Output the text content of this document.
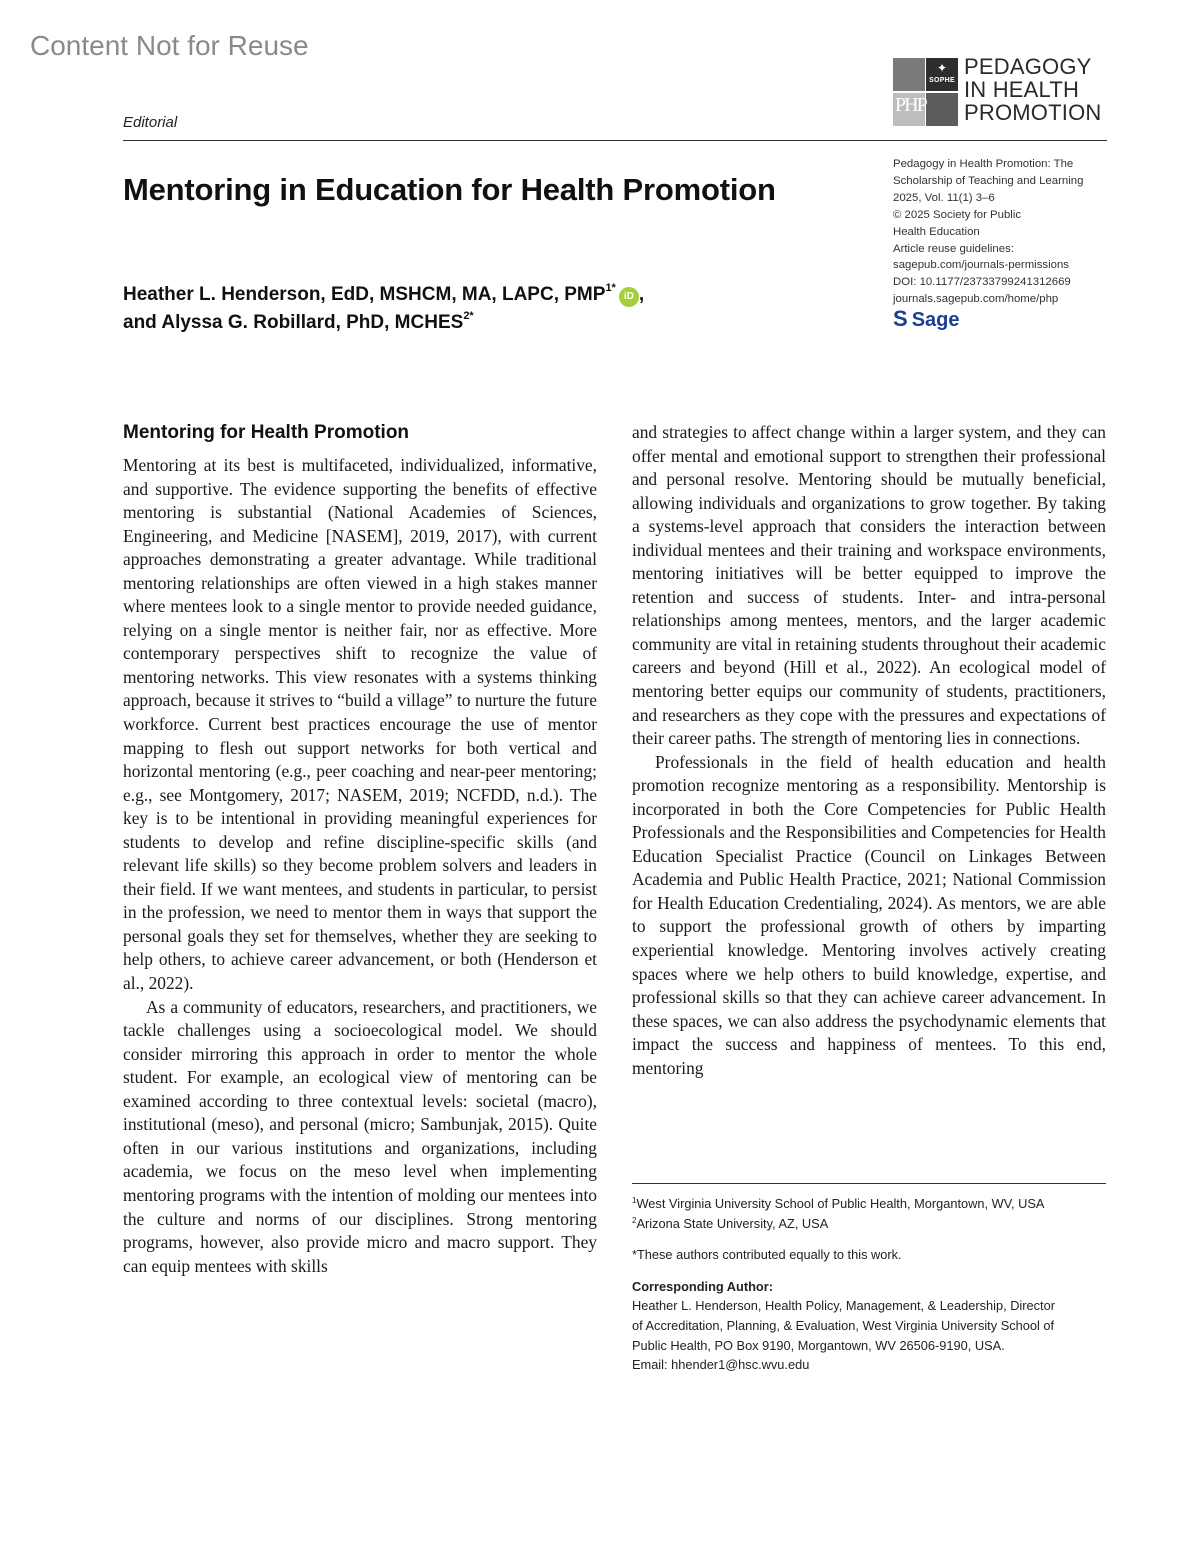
Content Not for Reuse
✦
SOPHE
PHP
PEDAGOGY
IN HEALTH
PROMOTION
Editorial
Mentoring in Education for Health Promotion
Heather L. Henderson, EdD, MSHCM, MA, LAPC, $PMP^{1*}iD$ ,
and Alyssa G. Robillard, PhD, $MCHES^{2*}$
Pedagogy in Health Promotion: The
Scholarship of Teaching and Learning
2025, Vol. 11(1) 3–6
© 2025 Society for Public
Health Education
Article reuse guidelines:
sagepub.com/journals-permissions
DOI: 10.1177/23733799241312669
journals.sagepub.com/home/php
S Sage
Mentoring for Health Promotion

Mentoring at its best is multifaceted, individualized, informative, and supportive. The evidence supporting the benefits of effective mentoring is substantial (National Academies of Sciences, Engineering, and Medicine [NASEM], 2019, 2017), with current approaches demonstrating a greater advantage. While traditional mentoring relationships are often viewed in a high stakes manner where mentees look to a single mentor to provide needed guidance, relying on a single mentor is neither fair, nor as effective. More contemporary perspectives shift to recognize the value of mentoring networks. This view resonates with a systems thinking approach, because it strives to “build a village” to nurture the future workforce. Current best practices encourage the use of mentor mapping to flesh out support networks for both vertical and horizontal mentoring (e.g., peer coaching and near-peer mentoring; e.g., see Montgomery, 2017; NASEM, 2019; NCFDD, n.d.). The key is to be intentional in providing meaningful experiences for students to develop and refine discipline-specific skills (and relevant life skills) so they become problem solvers and leaders in their field. If we want mentees, and students in particular, to persist in the profession, we need to mentor them in ways that support the personal goals they set for themselves, whether they are seeking to help others, to achieve career advancement, or both (Henderson et al., 2022).

As a community of educators, researchers, and practitioners, we tackle challenges using a socioecological model. We should consider mirroring this approach in order to mentor the whole student. For example, an ecological view of mentoring can be examined according to three contextual levels: societal (macro), institutional (meso), and personal (micro; Sambunjak, 2015). Quite often in our various institutions and organizations, including academia, we focus on the meso level when implementing mentoring programs with the intention of molding our mentees into the culture and norms of our disciplines. Strong mentoring programs, however, also provide micro and macro support. They can equip mentees with skills

and strategies to affect change within a larger system, and they can offer mental and emotional support to strengthen their professional and personal resolve. Mentoring should be mutually beneficial, allowing individuals and organizations to grow together. By taking a systems-level approach that considers the interaction between individual mentees and their training and workspace environments, mentoring initiatives will be better equipped to improve the retention and success of students. Inter- and intra-personal relationships among mentees, mentors, and the larger academic community are vital in retaining students throughout their academic careers and beyond (Hill et al., 2022). An ecological model of mentoring better equips our community of students, practitioners, and researchers as they cope with the pressures and expectations of their career paths. The strength of mentoring lies in connections.

Professionals in the field of health education and health promotion recognize mentoring as a responsibility. Mentorship is incorporated in both the Core Competencies for Public Health Professionals and the Responsibilities and Competencies for Health Education Specialist Practice (Council on Linkages Between Academia and Public Health Practice, 2021; National Commission for Health Education Credentialing, 2024). As mentors, we are able to support the professional growth of others by imparting experiential knowledge. Mentoring involves actively creating spaces where we help others to build knowledge, expertise, and professional skills so that they can achieve career advancement. In these spaces, we can also address the psychodynamic elements that impact the success and happiness of mentees. To this end, mentoring

$^1$West Virginia University School of Public Health, Morgantown, WV, USA
$^2$Arizona State University, AZ, USA
*These authors contributed equally to this work.
Corresponding Author:
Heather L. Henderson, Health Policy, Management, & Leadership, Director
of Accreditation, Planning, & Evaluation, West Virginia University School of
Public Health, PO Box 9190, Morgantown, WV 26506-9190, USA.
Email: hhender1@hsc.wvu.edu
